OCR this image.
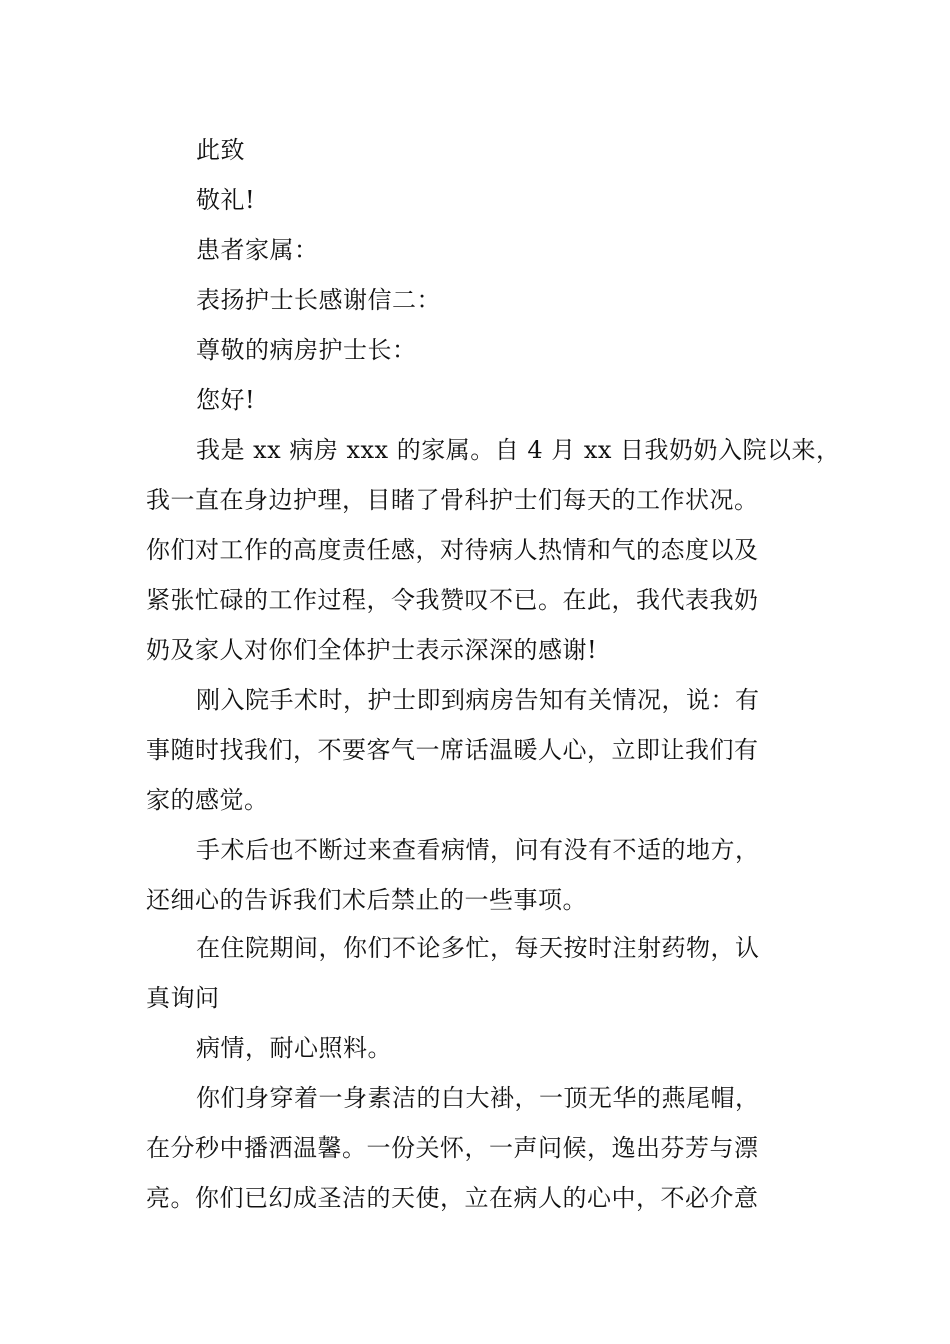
此致
敬礼!
患者家属：
表扬护士长感谢信二：
尊敬的病房护士长：
您好!
我是 xx 病房 xxx 的家属。自 4 月 xx 日我奶奶入院以来，
我一直在身边护理，目睹了骨科护士们每天的工作状况。
你们对工作的高度责任感，对待病人热情和气的态度以及
紧张忙碌的工作过程，令我赞叹不已。在此，我代表我奶
奶及家人对你们全体护士表示深深的感谢!
刚入院手术时，护士即到病房告知有关情况，说：有
事随时找我们，不要客气一席话温暖人心，立即让我们有
家的感觉。
手术后也不断过来查看病情，问有没有不适的地方，
还细心的告诉我们术后禁止的一些事项。
在住院期间，你们不论多忙，每天按时注射药物，认
真询问
病情，耐心照料。
你们身穿着一身素洁的白大褂，一顶无华的燕尾帽，
在分秒中播洒温馨。一份关怀，一声问候，逸出芬芳与漂
亮。你们已幻成圣洁的天使，立在病人的心中，不必介意
